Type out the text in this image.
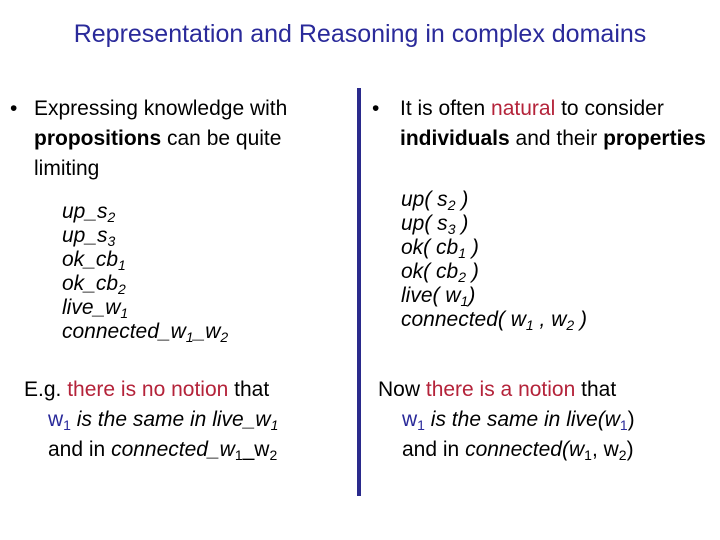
Representation and Reasoning in complex domains
• Expressing knowledge with propositions can be quite limiting
$up\_s_2$
$up\_s_3$
$ok\_cb_1$
$ok\_cb_2$
$live\_w_1$
$connected\_w_1\_w_2$
E.g. there is no notion that
$w_1$ is the same in $live\_w_1$
and in $connected\_w_1\_w_2$
• It is often natural to consider individuals and their properties
up( $s_2$ )
up( $s_3$ )
ok( $cb_1$ )
ok( $cb_2$ )
live( $w_1$)
connected( $w_1$ , $w_2$ )
Now there is a notion that
$w_1$ is the same in $live(w_1)$
and in $connected(w_1$, $w_2$)
